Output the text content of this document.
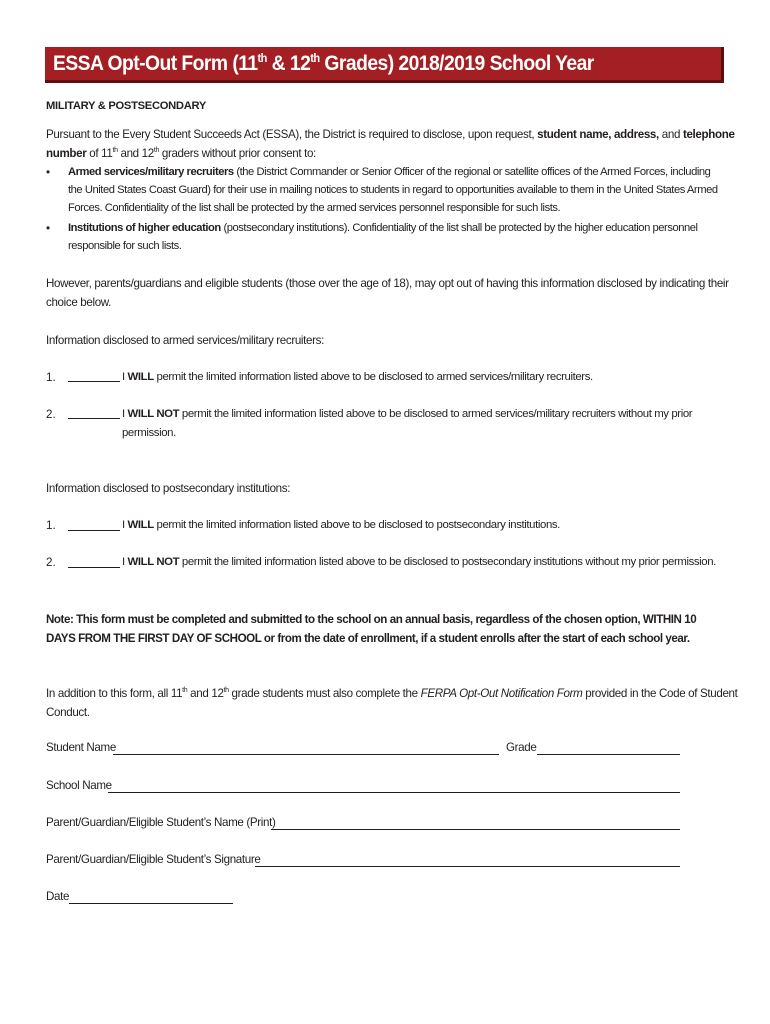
ESSA Opt-Out Form (11th & 12th Grades) 2018/2019 School Year
MILITARY & POSTSECONDARY
Pursuant to the Every Student Succeeds Act (ESSA), the District is required to disclose, upon request, student name, address, and telephone
number of 11th and 12th graders without prior consent to:
• Armed services/military recruiters (the District Commander or Senior Officer of the regional or satellite offices of the Armed Forces, including
the United States Coast Guard) for their use in mailing notices to students in regard to opportunities available to them in the United States Armed
Forces. Confidentiality of the list shall be protected by the armed services personnel responsible for such lists.
• Institutions of higher education (postsecondary institutions). Confidentiality of the list shall be protected by the higher education personnel
responsible for such lists.
However, parents/guardians and eligible students (those over the age of 18), may opt out of having this information disclosed by indicating their
choice below.
Information disclosed to armed services/military recruiters:
1.	I WILL permit the limited information listed above to be disclosed to armed services/military recruiters.
2.	I WILL NOT permit the limited information listed above to be disclosed to armed services/military recruiters without my prior
permission.
Information disclosed to postsecondary institutions:
1.	I WILL permit the limited information listed above to be disclosed to postsecondary institutions.
2.	I WILL NOT permit the limited information listed above to be disclosed to postsecondary institutions without my prior permission.
Note: This form must be completed and submitted to the school on an annual basis, regardless of the chosen option, WITHIN 10
DAYS FROM THE FIRST DAY OF SCHOOL or from the date of enrollment, if a student enrolls after the start of each school year.
In addition to this form, all 11th and 12th grade students must also complete the FERPA Opt-Out Notification Form provided in the Code of Student
Conduct.
Student Name	Grade
School Name
Parent/Guardian/Eligible Student’s Name (Print)
Parent/Guardian/Eligible Student’s Signature
Date
